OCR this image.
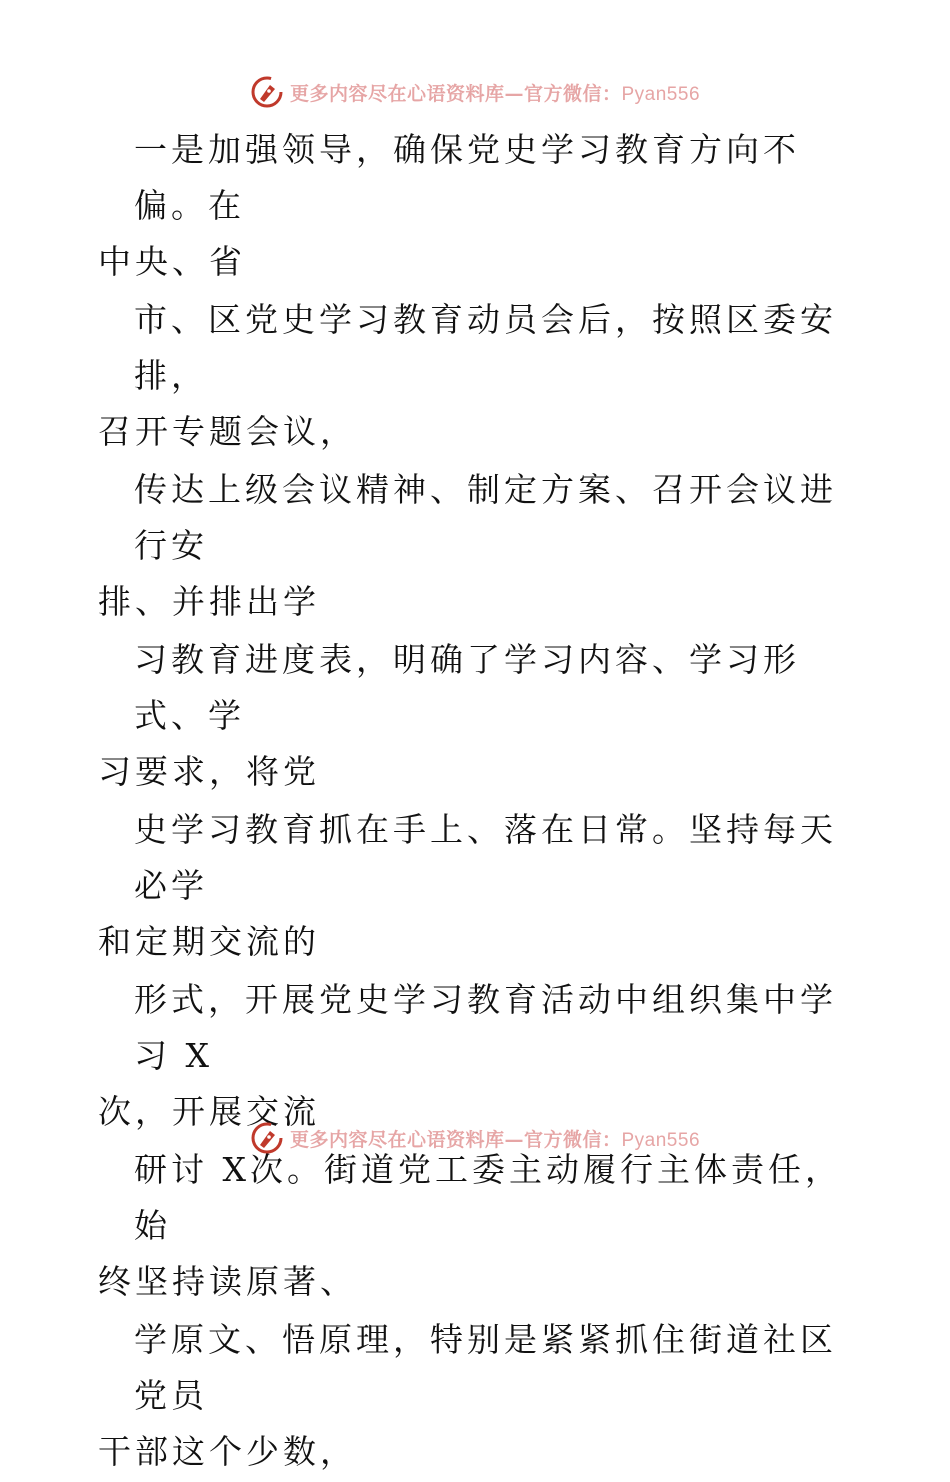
更多内容尽在心语资料库—官方微信：Pyan556

一是加强领导，确保党史学习教育方向不偏。在
中央、省

市、区党史学习教育动员会后，按照区委安排，
召开专题会议，

传达上级会议精神、制定方案、召开会议进行安
排、并排出学

习教育进度表，明确了学习内容、学习形式、学
习要求，将党

史学习教育抓在手上、落在日常。坚持每天必学
和定期交流的

形式，开展党史学习教育活动中组织集中学习 X
次，开展交流

研讨 X次。街道党工委主动履行主体责任，始
终坚持读原著、

学原文、悟原理，特别是紧紧抓住街道社区党员
干部这个少数，

更多内容尽在心语资料库—官方微信：Pyan556
